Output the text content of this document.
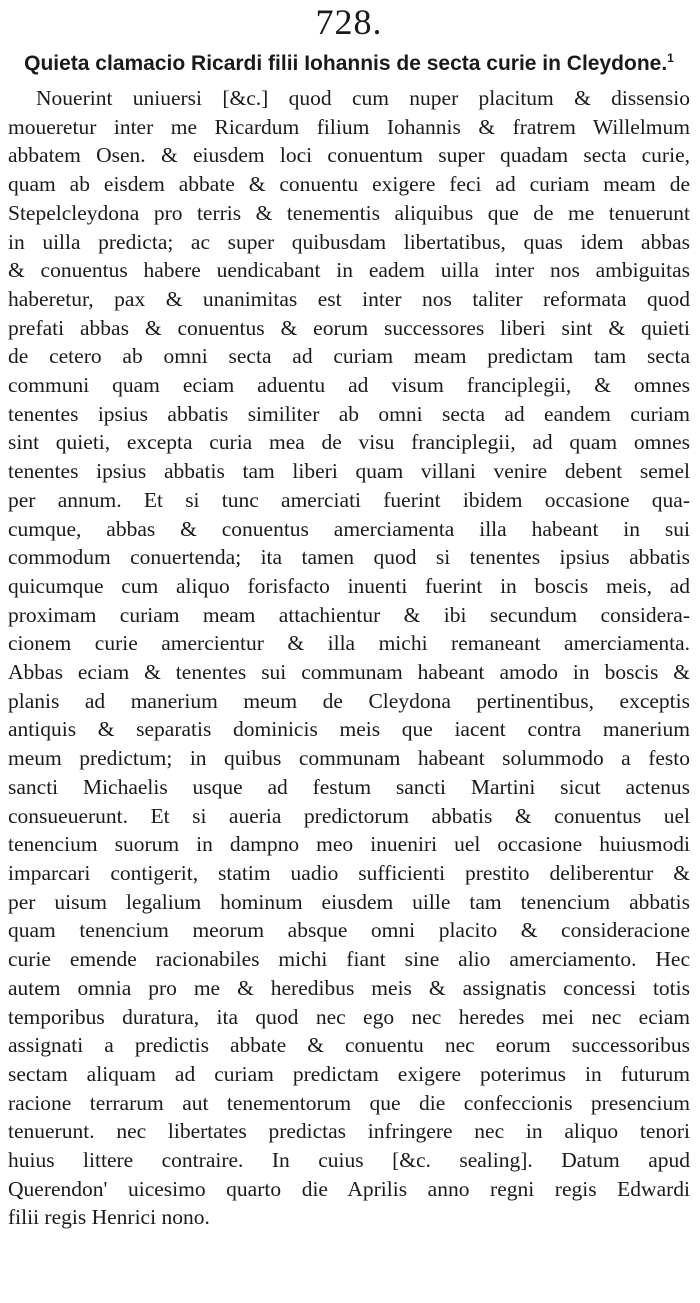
728.
Quieta clamacio Ricardi filii Iohannis de secta curie in Cleydone.$^1$
Nouerint uniuersi [&c.] quod cum nuper placitum & dissensio
moueretur inter me Ricardum filium Iohannis & fratrem Willelmum
abbatem Osen. & eiusdem loci conuentum super quadam secta curie,
quam ab eisdem abbate & conuentu exigere feci ad curiam meam de
Stepelcleydona pro terris & tenementis aliquibus que de me tenuerunt
in uilla predicta; ac super quibusdam libertatibus, quas idem abbas
& conuentus habere uendicabant in eadem uilla inter nos ambiguitas
haberetur, pax & unanimitas est inter nos taliter reformata quod
prefati abbas & conuentus & eorum successores liberi sint & quieti
de cetero ab omni secta ad curiam meam predictam tam secta
communi quam eciam aduentu ad visum franciplegii, & omnes
tenentes ipsius abbatis similiter ab omni secta ad eandem curiam
sint quieti, excepta curia mea de visu franciplegii, ad quam omnes
tenentes ipsius abbatis tam liberi quam villani venire debent semel
per annum. Et si tunc amerciati fuerint ibidem occasione qua-
cumque, abbas & conuentus amerciamenta illa habeant in sui
commodum conuertenda; ita tamen quod si tenentes ipsius abbatis
quicumque cum aliquo forisfacto inuenti fuerint in boscis meis, ad
proximam curiam meam attachientur & ibi secundum considera-
cionem curie amercientur & illa michi remaneant amerciamenta.
Abbas eciam & tenentes sui communam habeant amodo in boscis &
planis ad manerium meum de Cleydona pertinentibus, exceptis
antiquis & separatis dominicis meis que iacent contra manerium
meum predictum; in quibus communam habeant solummodo a festo
sancti Michaelis usque ad festum sancti Martini sicut actenus
consueuerunt. Et si aueria predictorum abbatis & conuentus uel
tenencium suorum in dampno meo inueniri uel occasione huiusmodi
imparcari contigerit, statim uadio sufficienti prestito deliberentur &
per uisum legalium hominum eiusdem uille tam tenencium abbatis
quam tenencium meorum absque omni placito & consideracione
curie emende racionabiles michi fiant sine alio amerciamento. Hec
autem omnia pro me & heredibus meis & assignatis concessi totis
temporibus duratura, ita quod nec ego nec heredes mei nec eciam
assignati a predictis abbate & conuentu nec eorum successoribus
sectam aliquam ad curiam predictam exigere poterimus in futurum
racione terrarum aut tenementorum que die confeccionis presencium
tenuerunt. nec libertates predictas infringere nec in aliquo tenori
huius littere contraire. In cuius [&c. sealing]. Datum apud
Querendon' uicesimo quarto die Aprilis anno regni regis Edwardi
filii regis Henrici nono.
